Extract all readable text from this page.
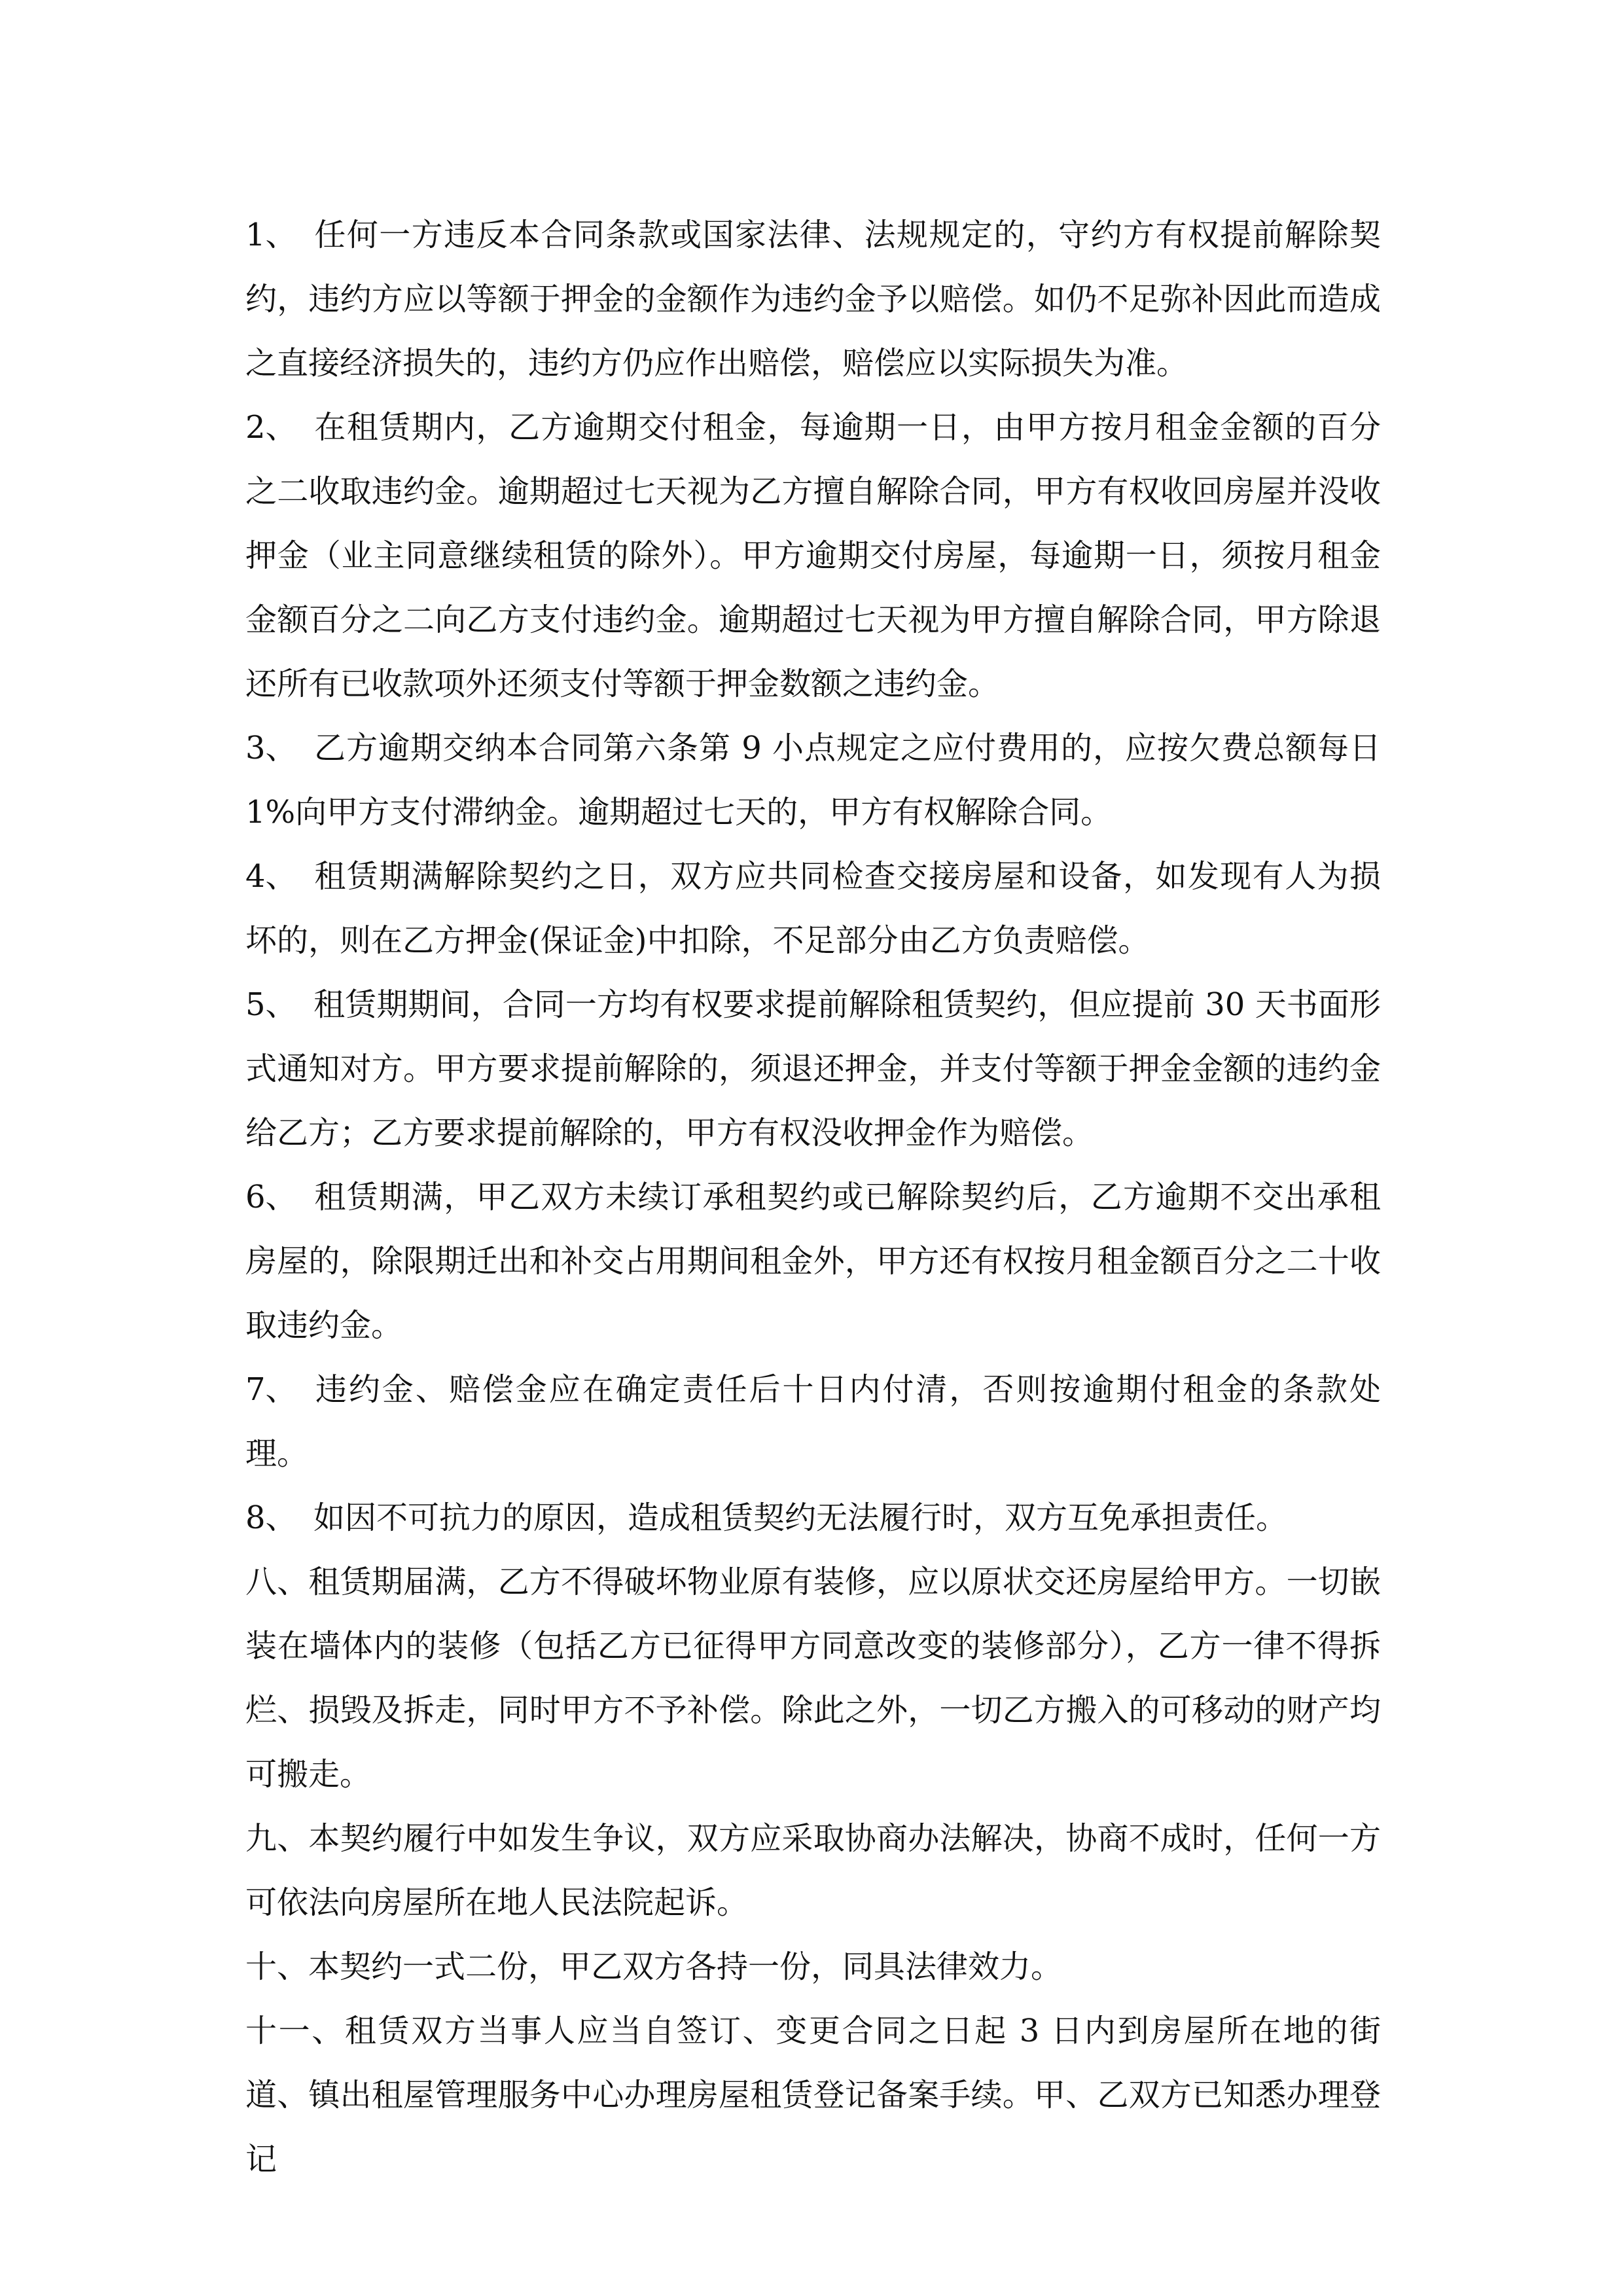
1、 任何一方违反本合同条款或国家法律、法规规定的，守约方有权提前解除契约，违约方应以等额于押金的金额作为违约金予以赔偿。如仍不足弥补因此而造成之直接经济损失的，违约方仍应作出赔偿，赔偿应以实际损失为准。

2、 在租赁期内，乙方逾期交付租金，每逾期一日，由甲方按月租金金额的百分之二收取违约金。逾期超过七天视为乙方擅自解除合同，甲方有权收回房屋并没收押金（业主同意继续租赁的除外）。甲方逾期交付房屋，每逾期一日，须按月租金金额百分之二向乙方支付违约金。逾期超过七天视为甲方擅自解除合同，甲方除退还所有已收款项外还须支付等额于押金数额之违约金。

3、 乙方逾期交纳本合同第六条第 9 小点规定之应付费用的，应按欠费总额每日1%向甲方支付滞纳金。逾期超过七天的，甲方有权解除合同。

4、 租赁期满解除契约之日，双方应共同检查交接房屋和设备，如发现有人为损坏的，则在乙方押金(保证金)中扣除，不足部分由乙方负责赔偿。

5、 租赁期期间，合同一方均有权要求提前解除租赁契约，但应提前 30 天书面形式通知对方。甲方要求提前解除的，须退还押金，并支付等额于押金金额的违约金给乙方；乙方要求提前解除的，甲方有权没收押金作为赔偿。

6、 租赁期满，甲乙双方未续订承租契约或已解除契约后，乙方逾期不交出承租房屋的，除限期迁出和补交占用期间租金外，甲方还有权按月租金额百分之二十收取违约金。

7、 违约金、赔偿金应在确定责任后十日内付清，否则按逾期付租金的条款处理。

8、 如因不可抗力的原因，造成租赁契约无法履行时，双方互免承担责任。

八、租赁期届满，乙方不得破坏物业原有装修，应以原状交还房屋给甲方。一切嵌装在墙体内的装修（包括乙方已征得甲方同意改变的装修部分），乙方一律不得拆烂、损毁及拆走，同时甲方不予补偿。除此之外，一切乙方搬入的可移动的财产均可搬走。

九、本契约履行中如发生争议，双方应采取协商办法解决，协商不成时，任何一方可依法向房屋所在地人民法院起诉。

十、本契约一式二份，甲乙双方各持一份，同具法律效力。

十一、租赁双方当事人应当自签订、变更合同之日起 3 日内到房屋所在地的街道、镇出租屋管理服务中心办理房屋租赁登记备案手续。甲、乙双方已知悉办理登记
